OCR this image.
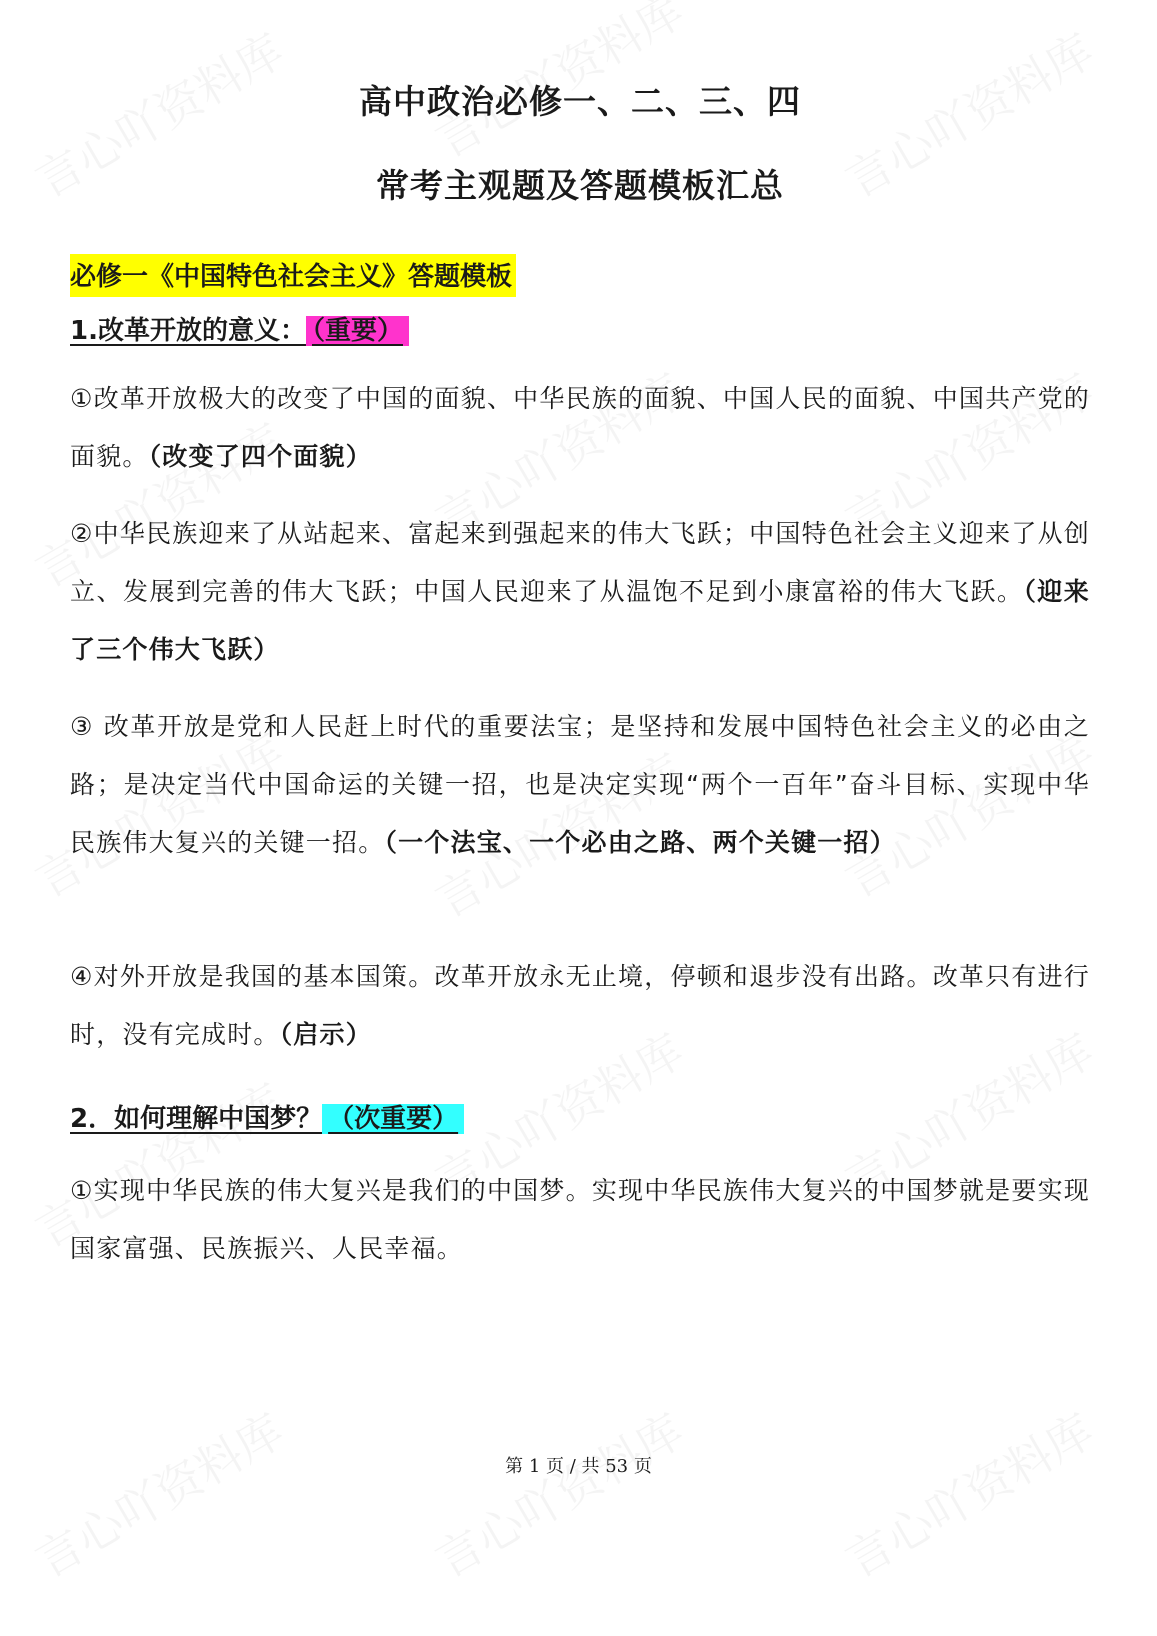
高中政治必修一、二、三、四
常考主观题及答题模板汇总
必修一《中国特色社会主义》答题模板
1.改革开放的意义： （重要）
①改革开放极大的改变了中国的面貌、中华民族的面貌、中国人民的面貌、中国共产党的面貌。（改变了四个面貌）
②中华民族迎来了从站起来、富起来到强起来的伟大飞跃；中国特色社会主义迎来了从创立、发展到完善的伟大飞跃；中国人民迎来了从温饱不足到小康富裕的伟大飞跃。（迎来了三个伟大飞跃）
③ 改革开放是党和人民赶上时代的重要法宝；是坚持和发展中国特色社会主义的必由之路；是决定当代中国命运的关键一招，也是决定实现“两个一百年”奋斗目标、实现中华民族伟大复兴的关键一招。（一个法宝、一个必由之路、两个关键一招）
④对外开放是我国的基本国策。改革开放永无止境，停顿和退步没有出路。改革只有进行时，没有完成时。（启示）
2．如何理解中国梦？ （次重要）
①实现中华民族的伟大复兴是我们的中国梦。实现中华民族伟大复兴的中国梦就是要实现国家富强、民族振兴、人民幸福。
第 1 页 / 共 53 页
